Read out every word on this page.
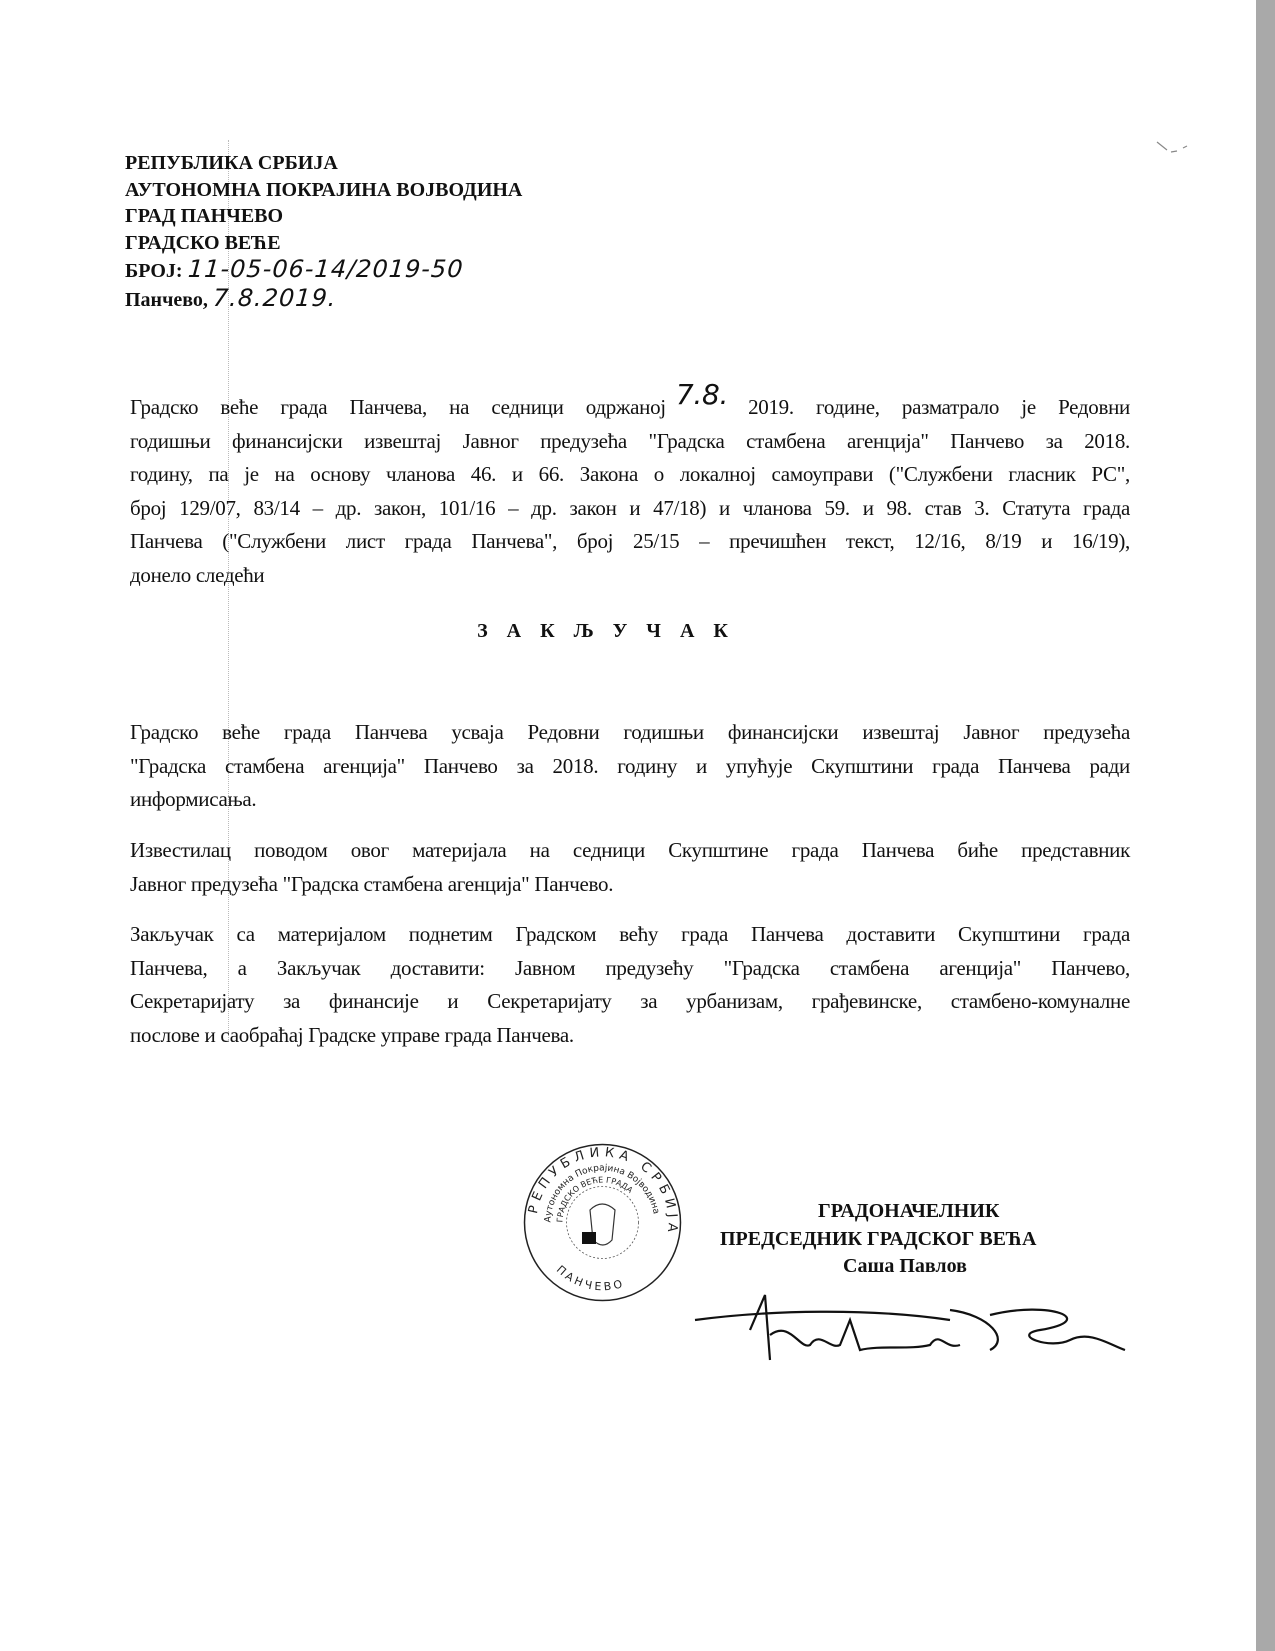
РЕПУБЛИКА СРБИЈА
АУТОНОМНА ПОКРАЈИНА ВОЈВОДИНА
ГРАД ПАНЧЕВО
ГРАДСКО ВЕЋЕ
БРОЈ: 11-05-06-14/2019-50
Панчево, 7.8.2019.
Градско веће града Панчева, на седници одржаној 7.8. 2019. године, разматрало је Редовни
годишњи финансијски извештај Јавног предузећа "Градска стамбена агенција" Панчево за 2018.
годину, па је на основу чланова 46. и 66. Закона о локалној самоуправи ("Службени гласник РС",
број 129/07, 83/14 – др. закон, 101/16 – др. закон и 47/18) и чланова 59. и 98. став 3. Статута града
Панчева ("Службени лист града Панчева", број 25/15 – пречишћен текст, 12/16, 8/19 и 16/19),
донело следећи
З А К Љ У Ч А К
Градско веће града Панчева усваја Редовни годишњи финансијски извештај Јавног предузећа
"Градска стамбена агенција" Панчево за 2018. годину и упућује Скупштини града Панчева ради
информисања.
Известилац поводом овог материјала на седници Скупштине града Панчева биће представник
Јавног предузећа "Градска стамбена агенција" Панчево.
Закључак са материјалом поднетим Градском већу града Панчева доставити Скупштини града
Панчева, а Закључак доставити: Јавном предузећу "Градска стамбена агенција" Панчево,
Секретаријату за финансије и Секретаријату за урбанизам, грађевинске, стамбено-комуналне
послове и саобраћај Градске управе града Панчева.
РЕПУБЛИКА СРБИЈА
Аутономна Покрајина Војводина
ГРАДСКО ВЕЋЕ ГРАДА
ПАНЧЕВО
ГРАДОНАЧЕЛНИК
ПРЕДСЕДНИК ГРАДСКОГ ВЕЋА
Саша Павлов
